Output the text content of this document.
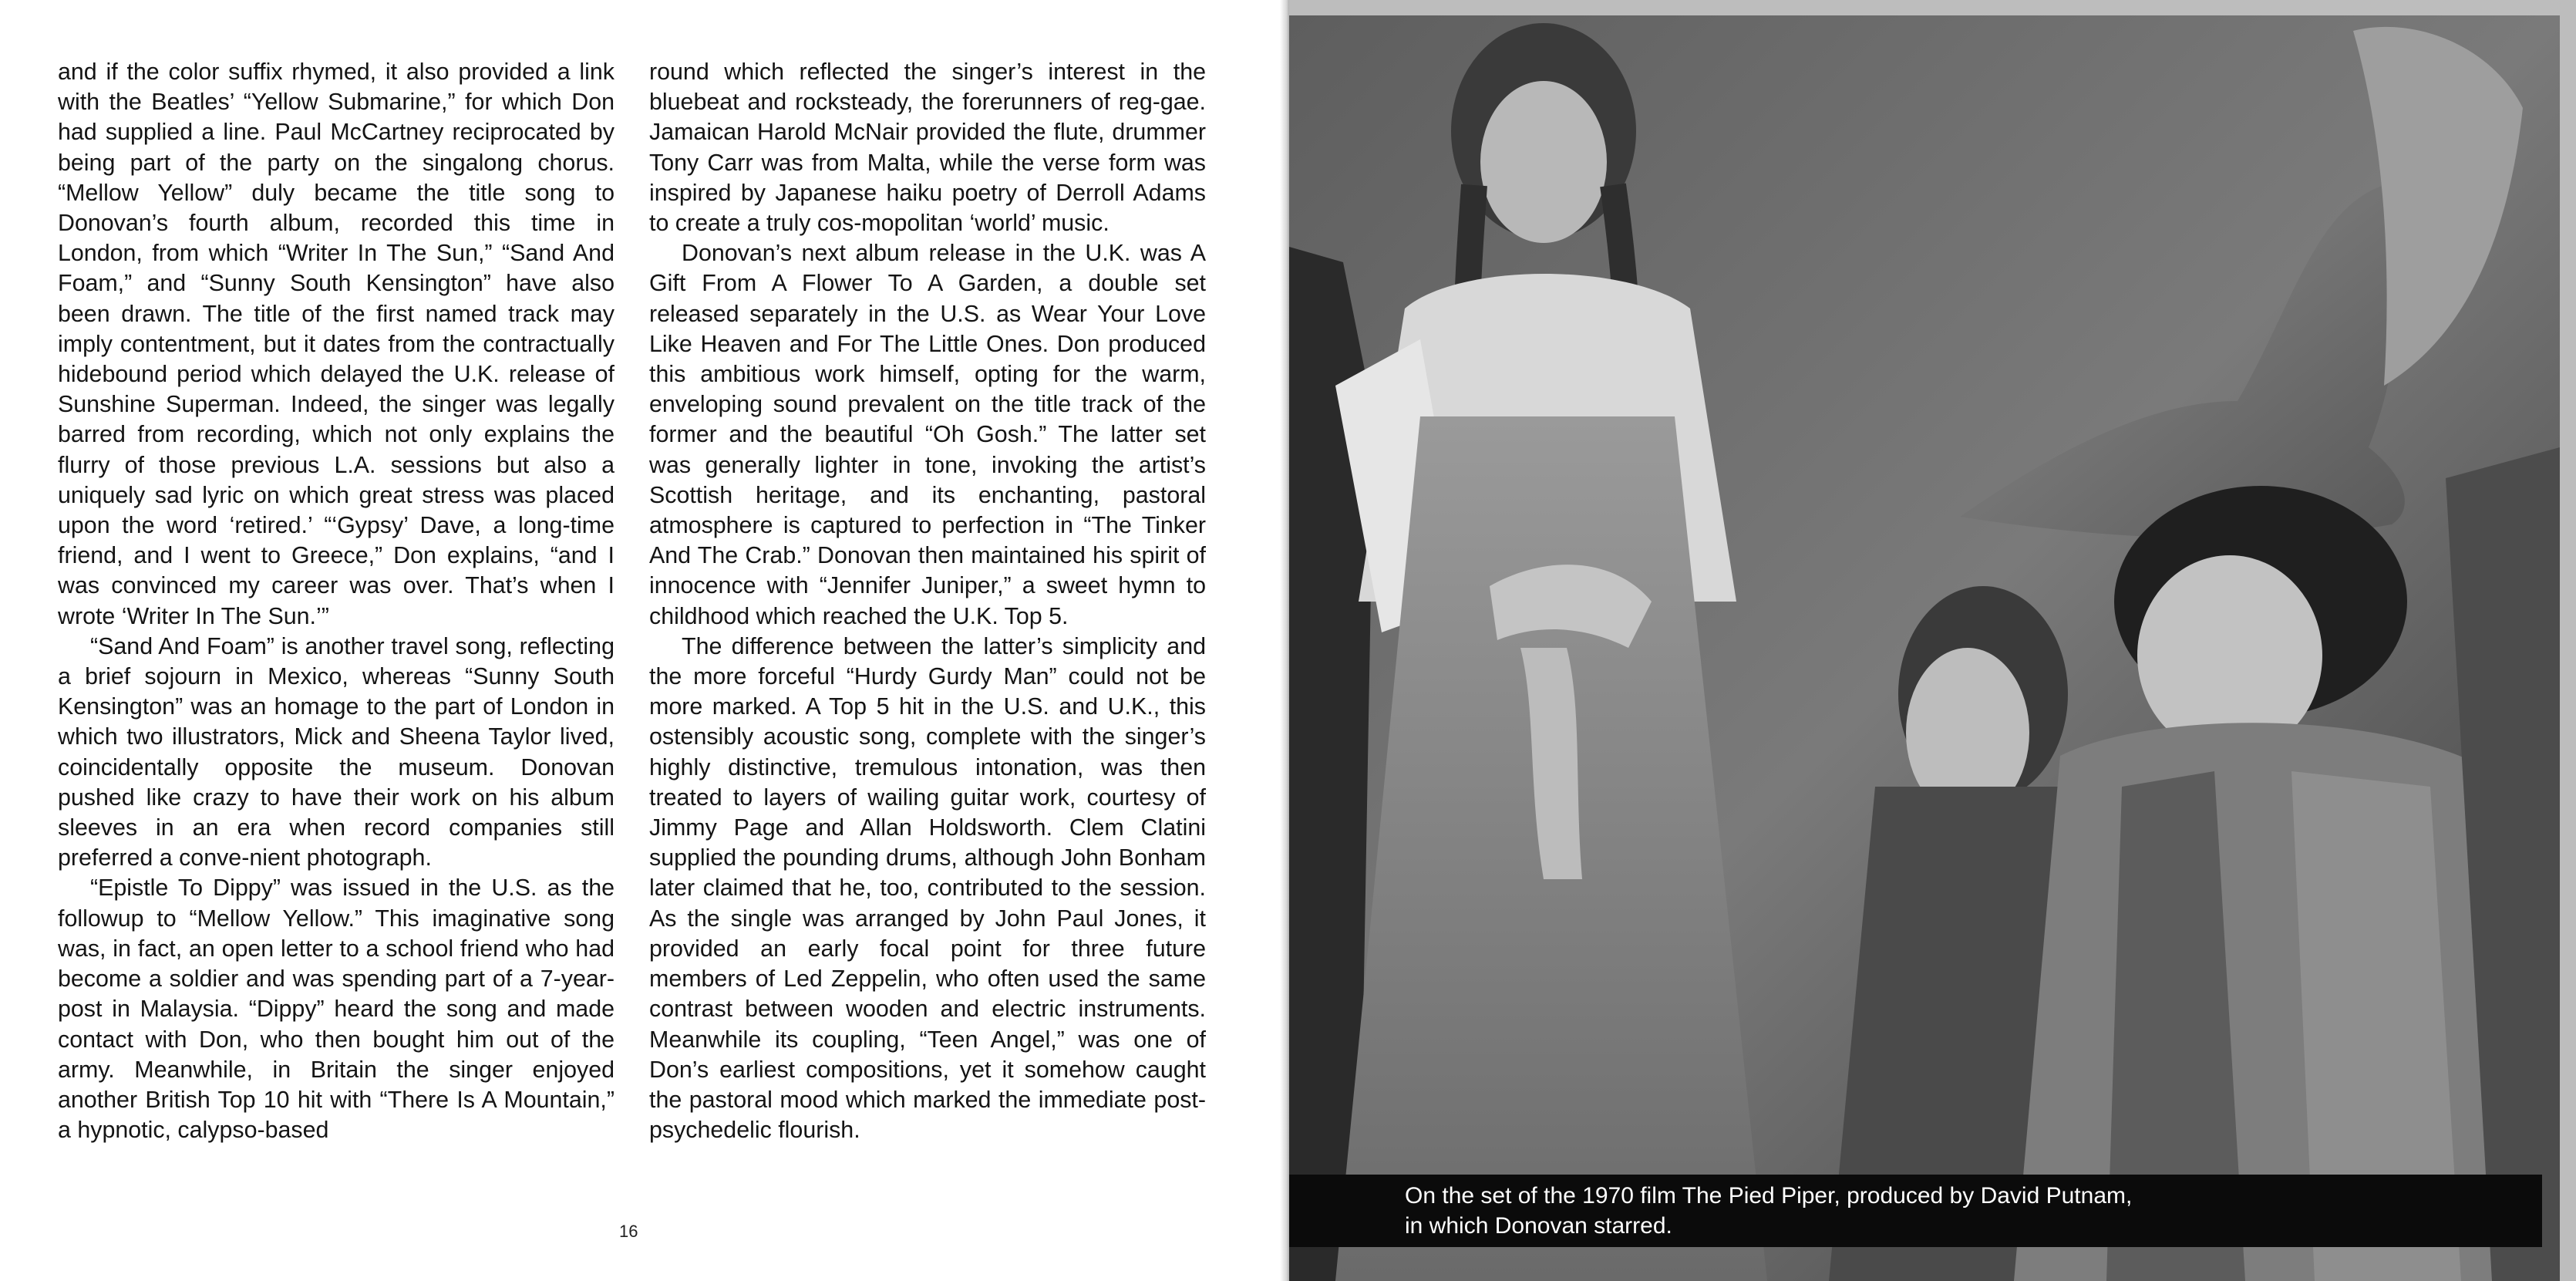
and if the color suffix rhymed, it also provided a link with the Beatles’ “Yellow Submarine,” for which Don had supplied a line. Paul McCartney reciprocated by being part of the party on the singalong chorus. “Mellow Yellow” duly became the title song to Donovan’s fourth album, recorded this time in London, from which “Writer In The Sun,” “Sand And Foam,” and “Sunny South Kensington” have also been drawn. The title of the first named track may imply contentment, but it dates from the contractually hidebound period which delayed the U.K. release of Sunshine Superman. Indeed, the singer was legally barred from recording, which not only explains the flurry of those previous L.A. sessions but also a uniquely sad lyric on which great stress was placed upon the word ‘retired.’ “‘Gypsy’ Dave, a long-time friend, and I went to Greece,” Don explains, “and I was convinced my career was over. That’s when I wrote ‘Writer In The Sun.’”

“Sand And Foam” is another travel song, reflecting a brief sojourn in Mexico, whereas “Sunny South Kensington” was an homage to the part of London in which two illustrators, Mick and Sheena Taylor lived, coincidentally opposite the museum. Donovan pushed like crazy to have their work on his album sleeves in an era when record companies still preferred a conve-nient photograph.

“Epistle To Dippy” was issued in the U.S. as the followup to “Mellow Yellow.” This imaginative song was, in fact, an open letter to a school friend who had become a soldier and was spending part of a 7-year-post in Malaysia. “Dippy” heard the song and made contact with Don, who then bought him out of the army. Meanwhile, in Britain the singer enjoyed another British Top 10 hit with “There Is A Mountain,” a hypnotic, calypso-based

round which reflected the singer’s interest in the bluebeat and rocksteady, the forerunners of reg-gae. Jamaican Harold McNair provided the flute, drummer Tony Carr was from Malta, while the verse form was inspired by Japanese haiku poetry of Derroll Adams to create a truly cos-mopolitan ‘world’ music.

Donovan’s next album release in the U.K. was A Gift From A Flower To A Garden, a double set released separately in the U.S. as Wear Your Love Like Heaven and For The Little Ones. Don produced this ambitious work himself, opting for the warm, enveloping sound prevalent on the title track of the former and the beautiful “Oh Gosh.” The latter set was generally lighter in tone, invoking the artist’s Scottish heritage, and its enchanting, pastoral atmosphere is captured to perfection in “The Tinker And The Crab.” Donovan then maintained his spirit of innocence with “Jennifer Juniper,” a sweet hymn to childhood which reached the U.K. Top 5.

The difference between the latter’s simplicity and the more forceful “Hurdy Gurdy Man” could not be more marked. A Top 5 hit in the U.S. and U.K., this ostensibly acoustic song, complete with the singer’s highly distinctive, tremulous intonation, was then treated to layers of wailing guitar work, courtesy of Jimmy Page and Allan Holdsworth. Clem Clatini supplied the pounding drums, although John Bonham later claimed that he, too, contributed to the session. As the single was arranged by John Paul Jones, it provided an early focal point for three future members of Led Zeppelin, who often used the same contrast between wooden and electric instruments. Meanwhile its coupling, “Teen Angel,” was one of Don’s earliest compositions, yet it somehow caught the pastoral mood which marked the immediate post-psychedelic flourish.

16
On the set of the 1970 film The Pied Piper, produced by David Putnam,
in which Donovan starred.
